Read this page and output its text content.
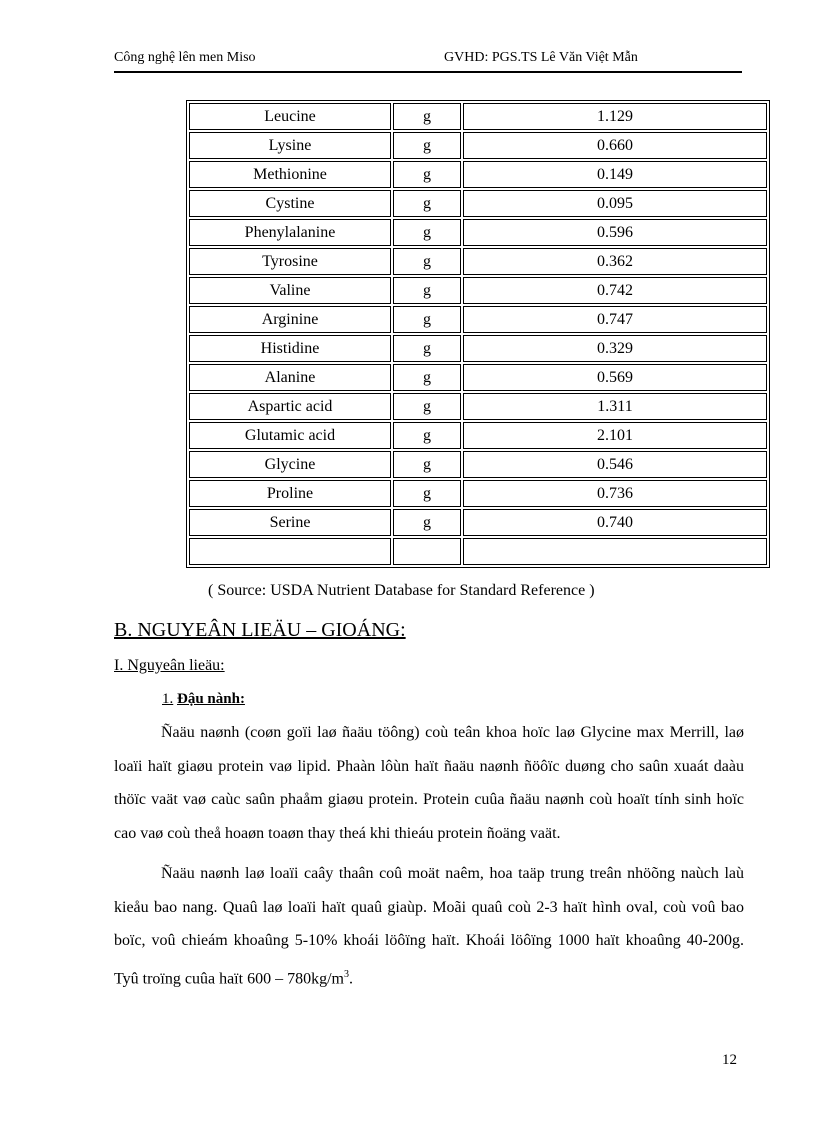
Công nghệ lên men Miso	GVHD: PGS.TS Lê Văn Việt Mẫn
Leucine	g	1.129
Lysine	g	0.660
Methionine	g	0.149
Cystine	g	0.095
Phenylalanine	g	0.596
Tyrosine	g	0.362
Valine	g	0.742
Arginine	g	0.747
Histidine	g	0.329
Alanine	g	0.569
Aspartic acid	g	1.311
Glutamic acid	g	2.101
Glycine	g	0.546
Proline	g	0.736
Serine	g	0.740

( Source: USDA Nutrient Database for Standard Reference )
B. NGUYEÂN LIEÄU – GIOÁNG:
I. Nguyeân lieäu:
1. Đậu nành:

Ñaäu naønh (coøn goïi laø ñaäu töông) coù teân khoa hoïc laø Glycine max Merrill, laø loaïi haït giaøu protein vaø lipid. Phaàn lôùn haït ñaäu naønh ñöôïc duøng cho saûn xuaát daàu thöïc vaät vaø caùc saûn phaåm giaøu protein. Protein cuûa ñaäu naønh coù hoaït tính sinh hoïc cao vaø coù theå hoaøn toaøn thay theá khi thieáu protein ñoäng vaät.

Ñaäu naønh laø loaïi caây thaân coû moät naêm, hoa taäp trung treân nhöõng naùch laù kieåu bao nang. Quaû laø loaïi haït quaû giaùp. Moãi quaû coù 2-3 haït hình oval, coù voû bao boïc, voû chieám khoaûng 5-10% khoái löôïng haït. Khoái löôïng 1000 haït khoaûng 40-200g. Tyû troïng cuûa haït $600 - 780kg/m^3$.

12
